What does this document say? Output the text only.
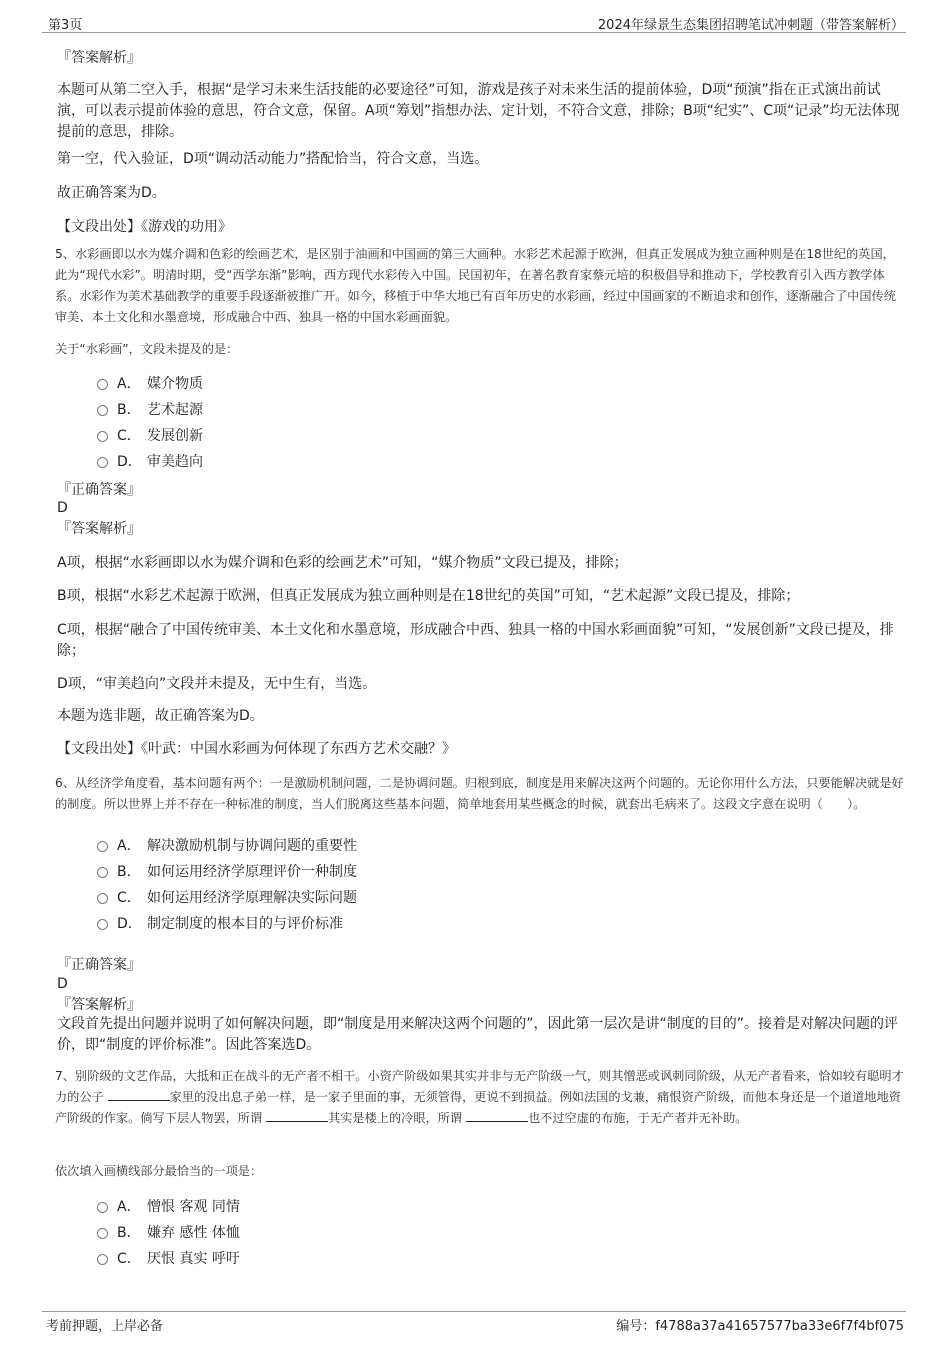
第3页	2024年绿景生态集团招聘笔试冲刺题（带答案解析）
『答案解析』
本题可从第二空入手，根据“是学习未来生活技能的必要途径”可知，游戏是孩子对未来生活的提前体验，D项“预演”指在正式演出前试演，可以表示提前体验的意思，符合文意，保留。A项“筹划”指想办法、定计划，不符合文意，排除；B项“纪实”、C项“记录”均无法体现提前的意思，排除。
第一空，代入验证，D项“调动活动能力”搭配恰当，符合文意，当选。
故正确答案为D。
【文段出处】《游戏的功用》
5、水彩画即以水为媒介调和色彩的绘画艺术，是区别于油画和中国画的第三大画种。水彩艺术起源于欧洲，但真正发展成为独立画种则是在18世纪的英国，此为“现代水彩”。明清时期，受“西学东渐”影响，西方现代水彩传入中国。民国初年，在著名教育家蔡元培的积极倡导和推动下，学校教育引入西方教学体系。水彩作为美术基础教学的重要手段逐渐被推广开。如今，移植于中华大地已有百年历史的水彩画，经过中国画家的不断追求和创作，逐渐融合了中国传统审美、本土文化和水墨意境，形成融合中西、独具一格的中国水彩画面貌。
关于“水彩画”，文段未提及的是：
A． 媒介物质
B． 艺术起源
C． 发展创新
D． 审美趋向
『正确答案』
D
『答案解析』
A项，根据“水彩画即以水为媒介调和色彩的绘画艺术”可知，“媒介物质”文段已提及，排除；
B项，根据“水彩艺术起源于欧洲，但真正发展成为独立画种则是在18世纪的英国”可知，“艺术起源”文段已提及，排除；
C项，根据“融合了中国传统审美、本土文化和水墨意境，形成融合中西、独具一格的中国水彩画面貌”可知，“发展创新”文段已提及，排除；
D项，“审美趋向”文段并未提及，无中生有，当选。
本题为选非题，故正确答案为D。
【文段出处】《叶武：中国水彩画为何体现了东西方艺术交融？》
6、从经济学角度看，基本问题有两个：一是激励机制问题，二是协调问题。归根到底，制度是用来解决这两个问题的。无论你用什么方法，只要能解决就是好的制度。所以世界上并不存在一种标准的制度，当人们脱离这些基本问题，简单地套用某些概念的时候，就套出毛病来了。这段文字意在说明（　　）。
A． 解决激励机制与协调问题的重要性
B． 如何运用经济学原理评价一种制度
C． 如何运用经济学原理解决实际问题
D． 制定制度的根本目的与评价标准
『正确答案』
D
『答案解析』
文段首先提出问题并说明了如何解决问题，即“制度是用来解决这两个问题的”，因此第一层次是讲“制度的目的”。接着是对解决问题的评价，即“制度的评价标准”。因此答案选D。
7、别阶级的文艺作品，大抵和正在战斗的无产者不相干。小资产阶级如果其实并非与无产阶级一气，则其憎恶或讽刺同阶级，从无产者看来，恰如较有聪明才力的公子	家里的没出息子弟一样，是一家子里面的事，无须管得，更说不到损益。例如法国的戈兼，痛恨资产阶级，而他本身还是一个道道地地资产阶级的作家。倘写下层人物罢，所谓	其实是楼上的冷眼，所谓	也不过空虚的布施，于无产者并无补助。
依次填入画横线部分最恰当的一项是：
A． 憎恨 客观 同情
B． 嫌弃 感性 体恤
C． 厌恨 真实 呼吁
考前押题，上岸必备	编号：f4788a37a41657577ba33e6f7f4bf075
